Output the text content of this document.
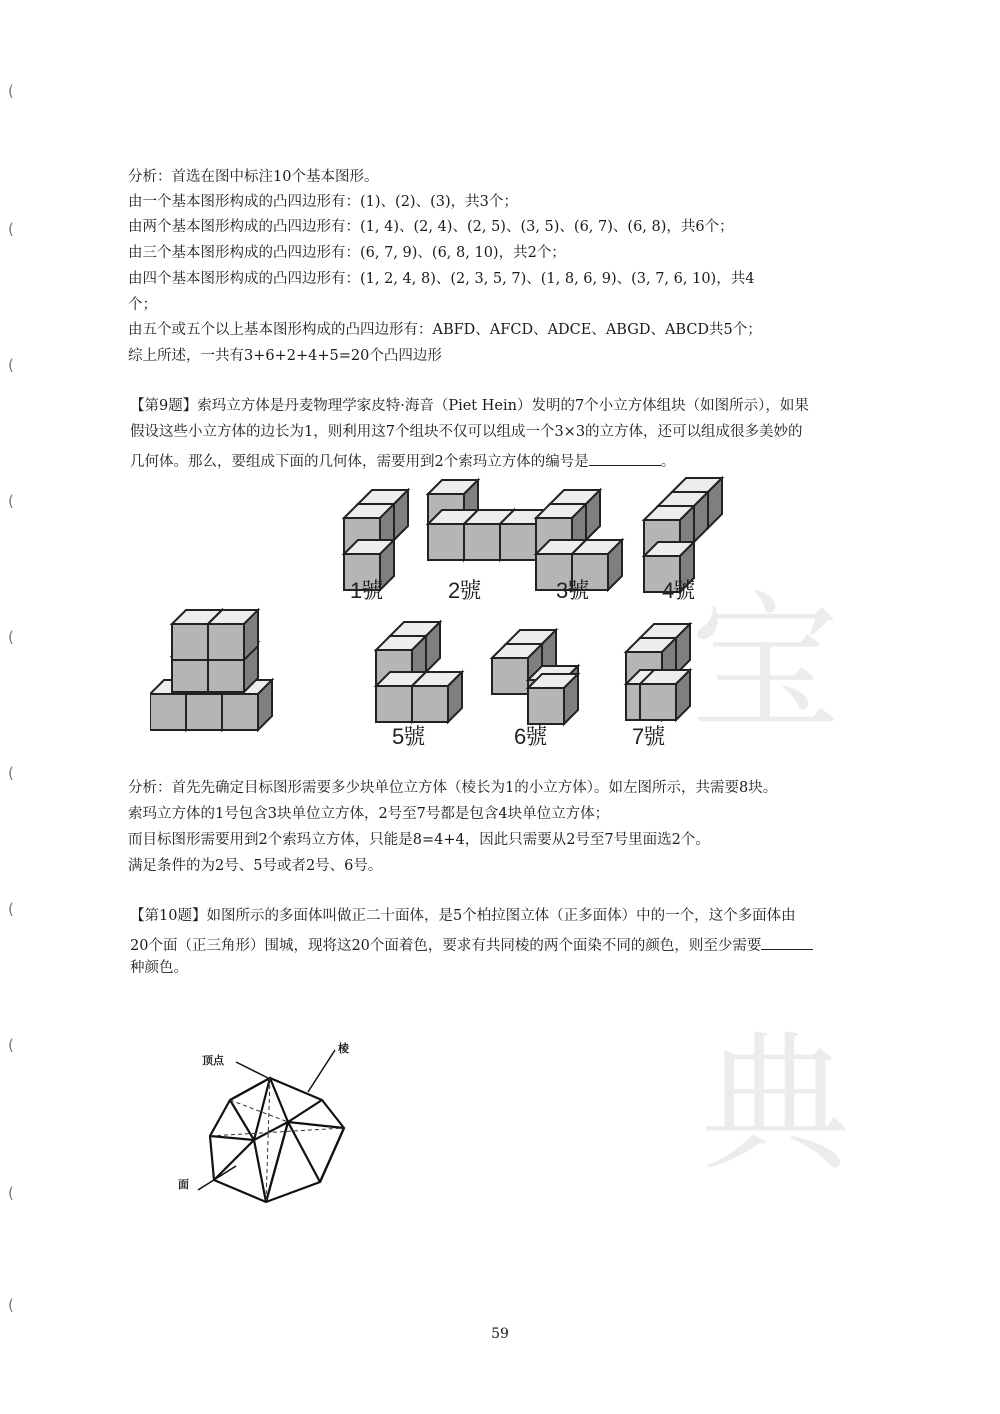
(
(
(
(
(
(
(
(
(
(
宝
典
分析：首选在图中标注10个基本图形。
由一个基本图形构成的凸四边形有：(1)、(2)、(3)，共3个；
由两个基本图形构成的凸四边形有：(1, 4)、(2, 4)、(2, 5)、(3, 5)、(6, 7)、(6, 8)，共6个；
由三个基本图形构成的凸四边形有：(6, 7, 9)、(6, 8, 10)，共2个；
由四个基本图形构成的凸四边形有：(1, 2, 4, 8)、(2, 3, 5, 7)、(1, 8, 6, 9)、(3, 7, 6, 10)，共4
个；
由五个或五个以上基本图形构成的凸四边形有：ABFD、AFCD、ADCE、ABGD、ABCD共5个；
综上所述，一共有3+6+2+4+5=20个凸四边形
【第9题】索玛立方体是丹麦物理学家皮特·海音（Piet Hein）发明的7个小立方体组块（如图所示），如果
假设这些小立方体的边长为1，则利用这7个组块不仅可以组成一个3×3的立方体，还可以组成很多美妙的
几何体。那么，要组成下面的几何体，需要用到2个索玛立方体的编号是	。
1號	2號	3號	4號
5號	6號	7號
分析：首先先确定目标图形需要多少块单位立方体（棱长为1的小立方体）。如左图所示，共需要8块。
索玛立方体的1号包含3块单位立方体，2号至7号都是包含4块单位立方体；
而目标图形需要用到2个索玛立方体，只能是8=4+4，因此只需要从2号至7号里面选2个。
满足条件的为2号、5号或者2号、6号。
【第10题】如图所示的多面体叫做正二十面体，是5个柏拉图立体（正多面体）中的一个，这个多面体由
20个面（正三角形）围城，现将这20个面着色，要求有共同棱的两个面染不同的颜色，则至少需要
种颜色。
顶点
棱
面
59
